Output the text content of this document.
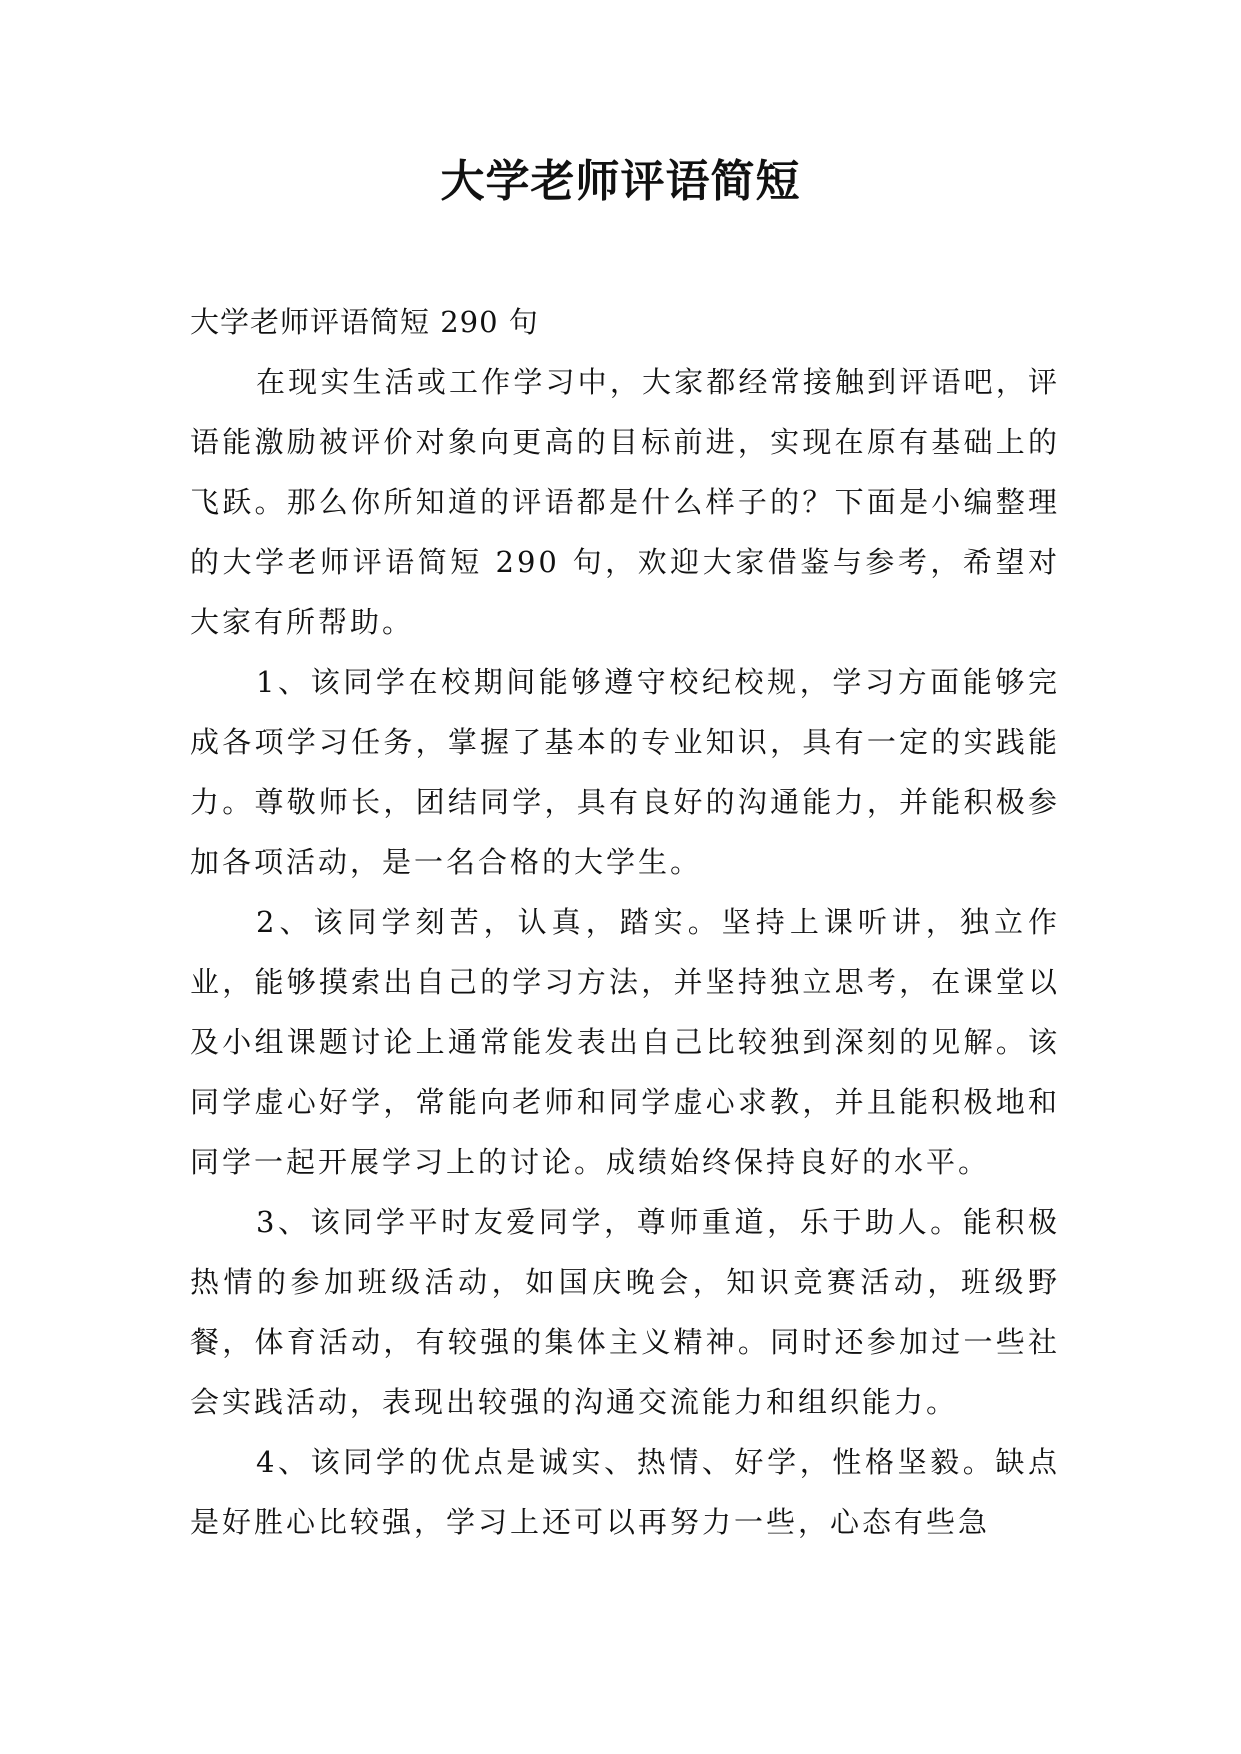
大学老师评语简短

大学老师评语简短 290 句

在现实生活或工作学习中，大家都经常接触到评语吧，评语能激励被评价对象向更高的目标前进，实现在原有基础上的飞跃。那么你所知道的评语都是什么样子的？下面是小编整理的大学老师评语简短 290 句，欢迎大家借鉴与参考，希望对大家有所帮助。

1、该同学在校期间能够遵守校纪校规，学习方面能够完成各项学习任务，掌握了基本的专业知识，具有一定的实践能力。尊敬师长，团结同学，具有良好的沟通能力，并能积极参加各项活动，是一名合格的大学生。

2、该同学刻苦，认真，踏实。坚持上课听讲，独立作业，能够摸索出自己的学习方法，并坚持独立思考，在课堂以及小组课题讨论上通常能发表出自己比较独到深刻的见解。该同学虚心好学，常能向老师和同学虚心求教，并且能积极地和同学一起开展学习上的讨论。成绩始终保持良好的水平。

3、该同学平时友爱同学，尊师重道，乐于助人。能积极热情的参加班级活动，如国庆晚会，知识竞赛活动，班级野餐，体育活动，有较强的集体主义精神。同时还参加过一些社会实践活动，表现出较强的沟通交流能力和组织能力。

4、该同学的优点是诚实、热情、好学，性格坚毅。缺点是好胜心比较强，学习上还可以再努力一些，心态有些急
